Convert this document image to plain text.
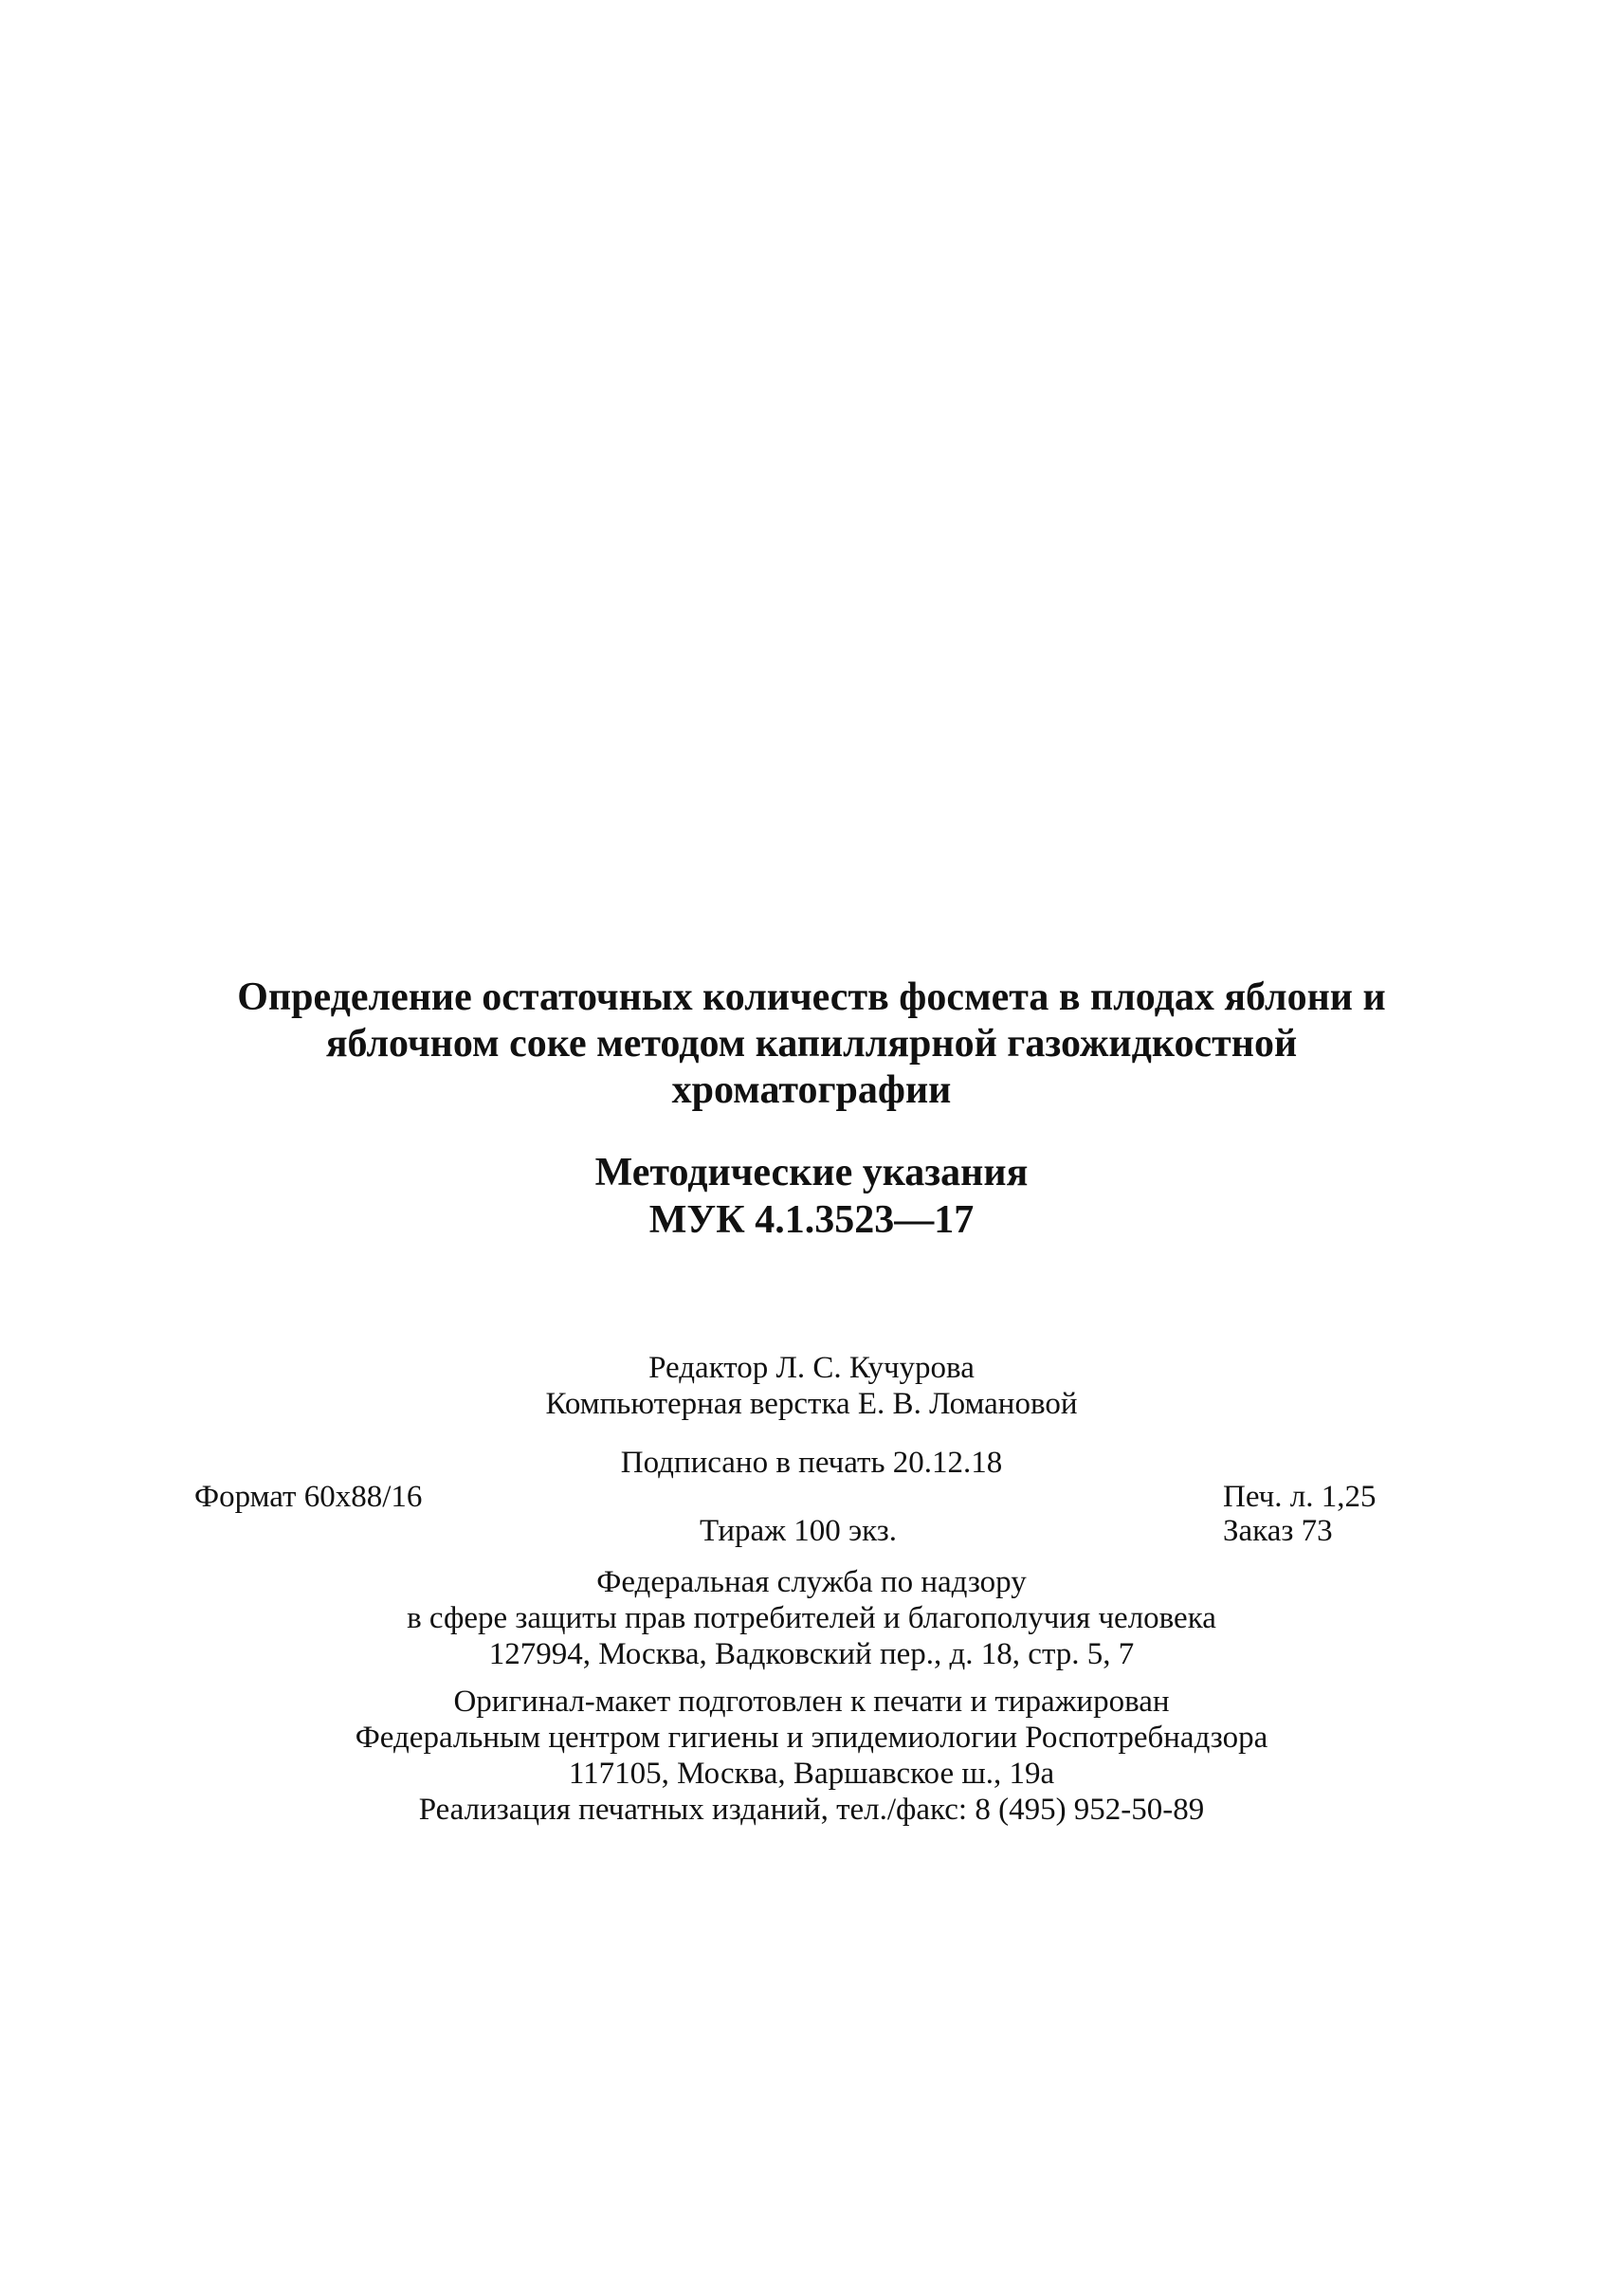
Определение остаточных количеств фосмета в плодах яблони и
яблочном соке методом капиллярной газожидкостной
хроматографии
Методические указания
МУК 4.1.3523—17
Редактор Л. С. Кучурова
Компьютерная верстка Е. В. Ломановой
Подписано в печать 20.12.18
Формат 60x88/16	Печ. л. 1,25
Тираж 100 экз.	Заказ 73
Федеральная служба по надзору
в сфере защиты прав потребителей и благополучия человека
127994, Москва, Вадковский пер., д. 18, стр. 5, 7
Оригинал-макет подготовлен к печати и тиражирован
Федеральным центром гигиены и эпидемиологии Роспотребнадзора
117105, Москва, Варшавское ш., 19а
Реализация печатных изданий, тел./факс: 8 (495) 952-50-89
